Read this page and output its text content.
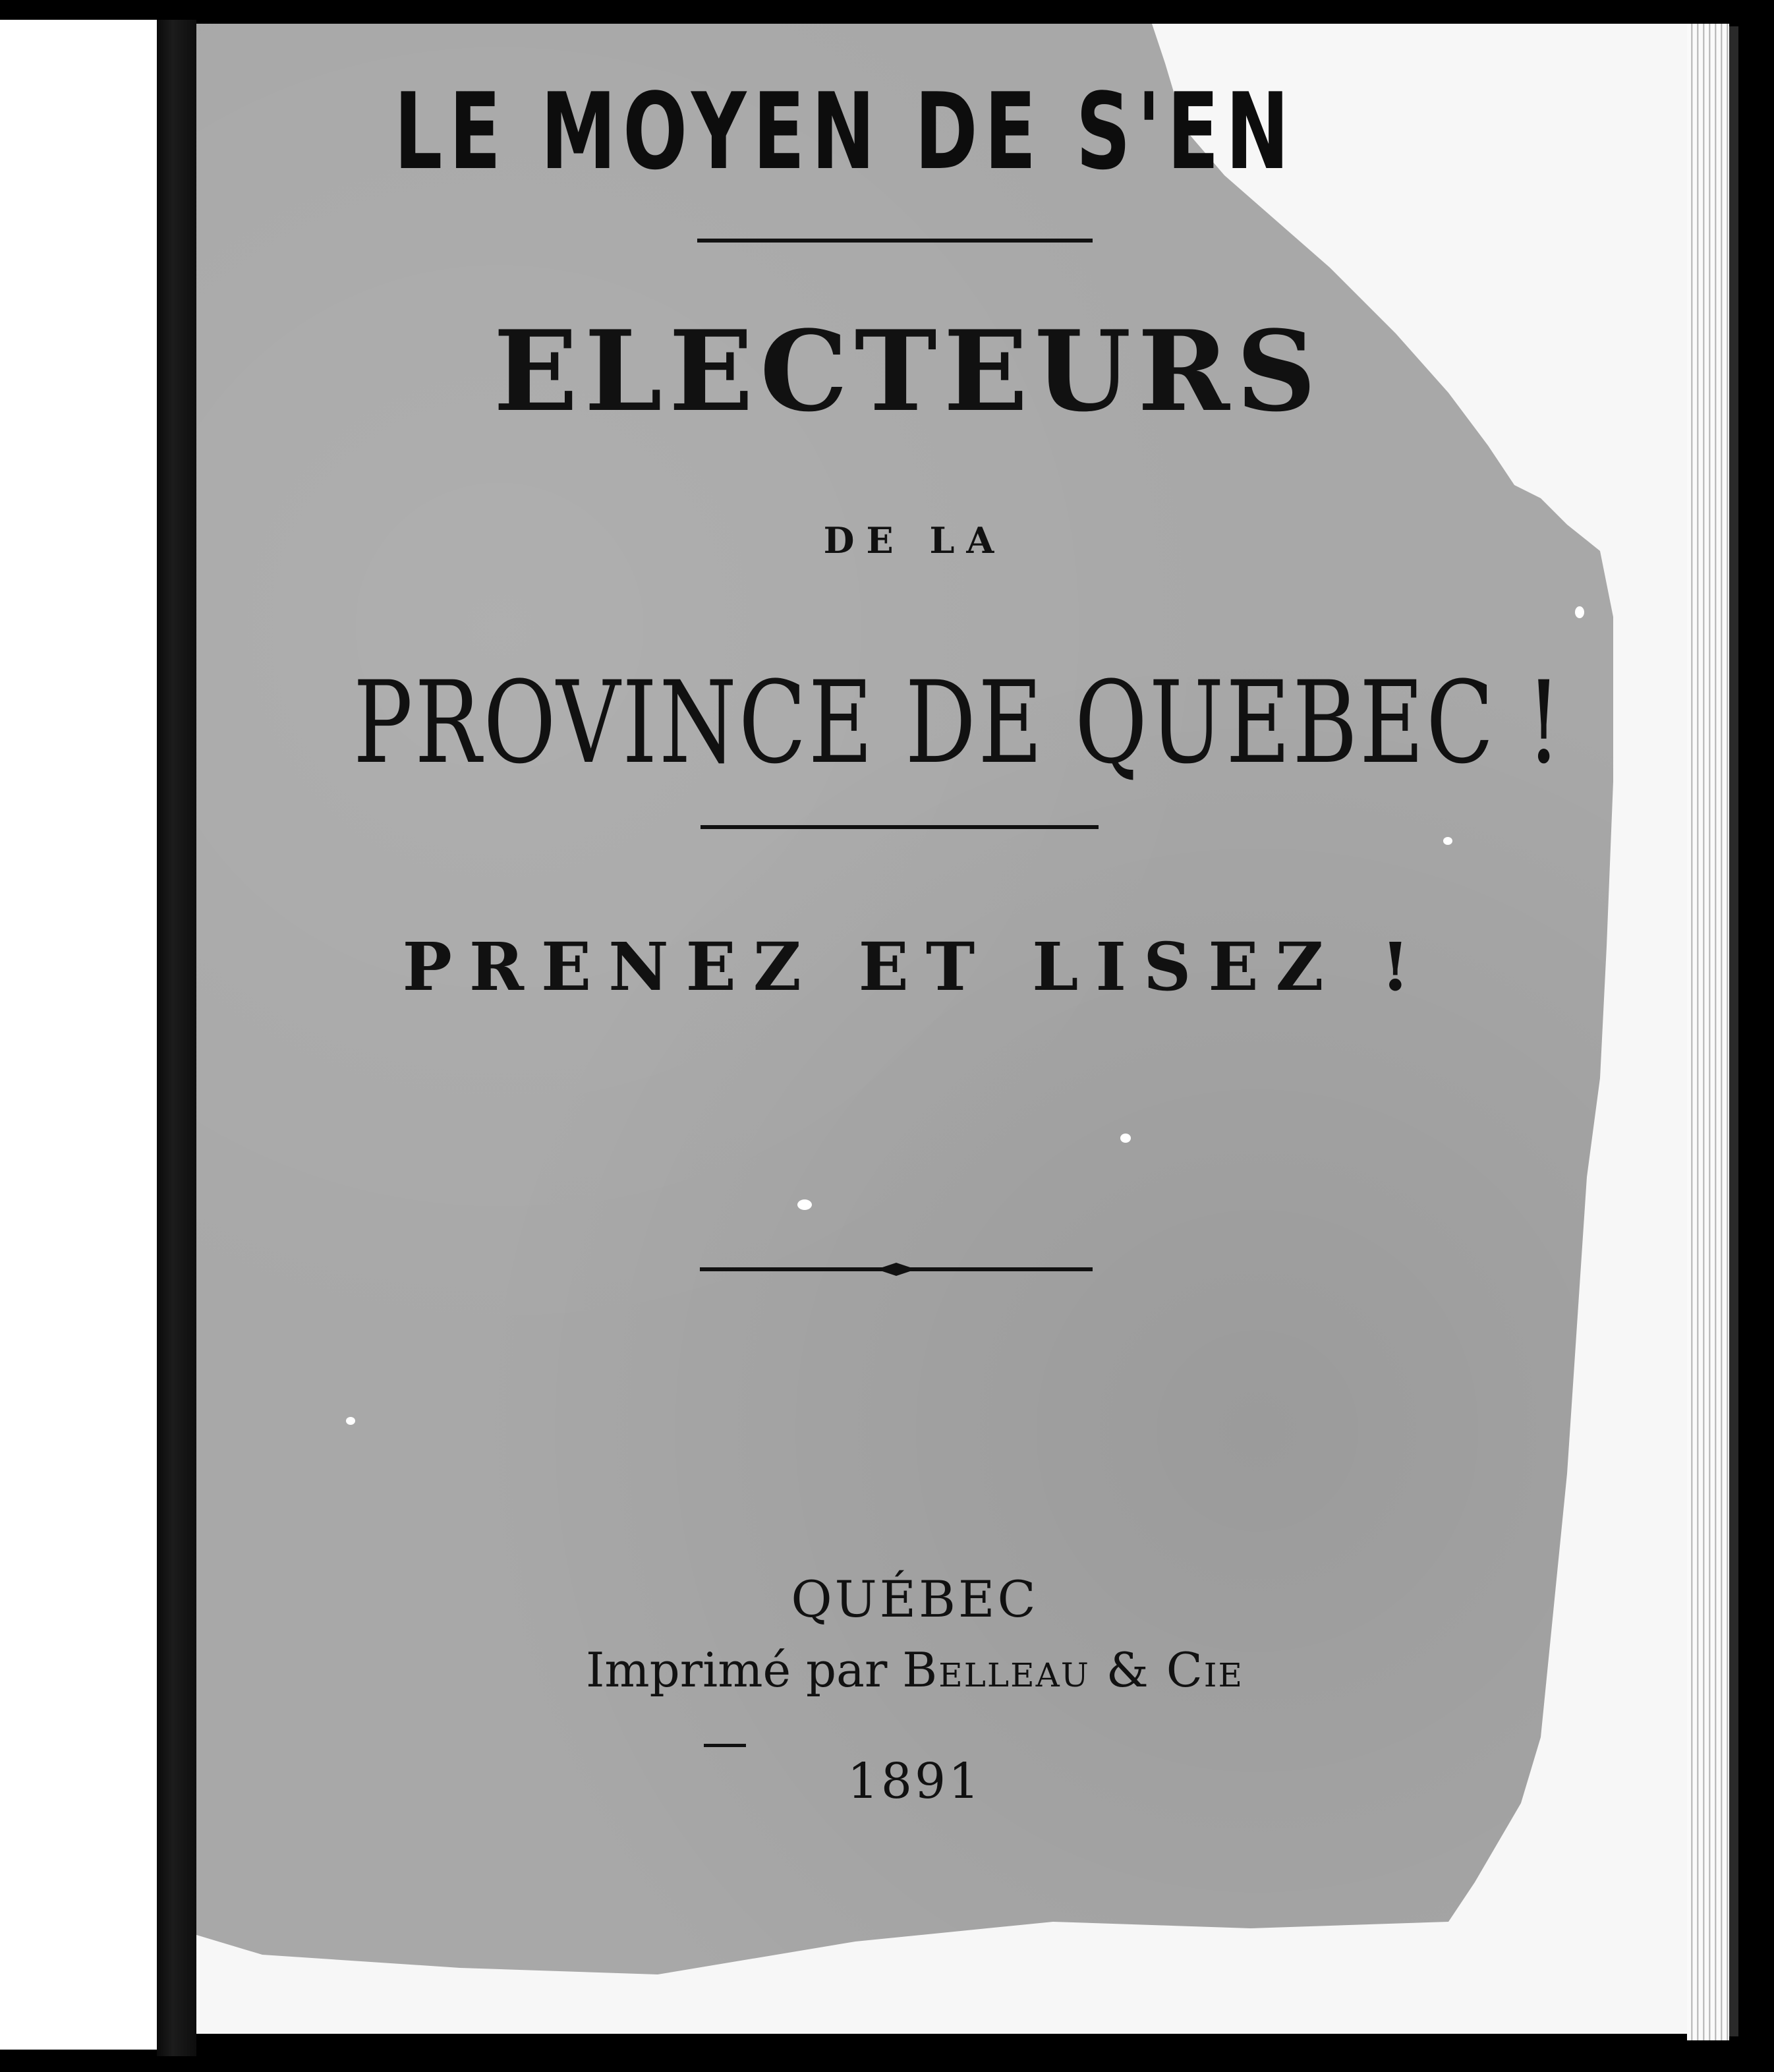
LE MOYEN DE S'EN
ELECTEURS
DE LA
PROVINCE DE QUEBEC !
PRENEZ ET LISEZ !
QUÉBEC
Imprimé par Belleau & Cie
1891
